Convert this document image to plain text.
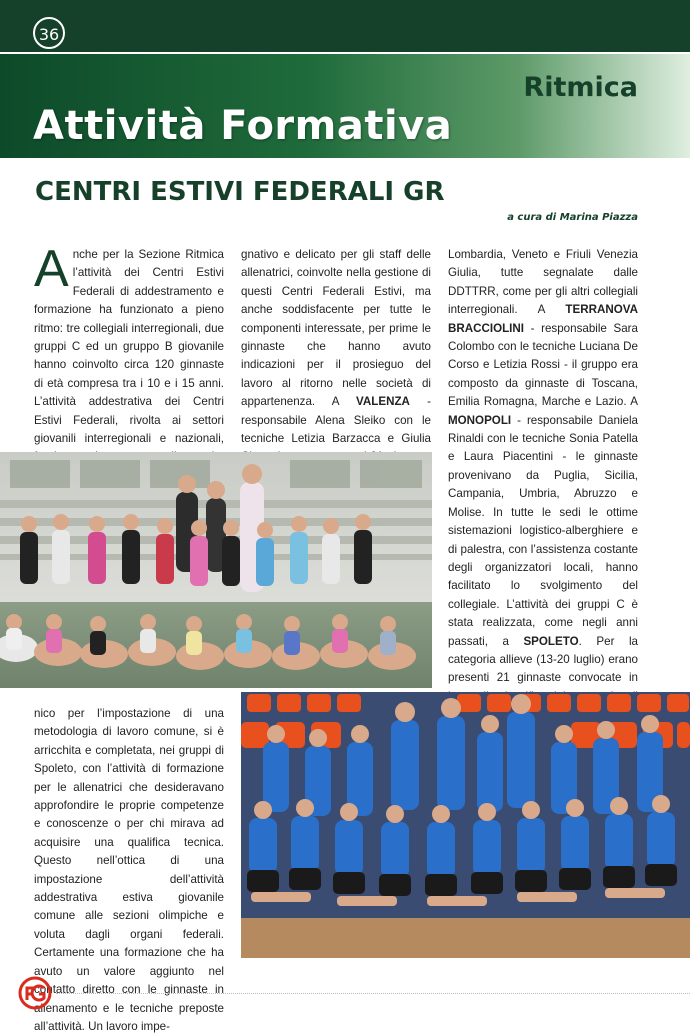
36
Ritmica
Attività Formativa
CENTRI ESTIVI FEDERALI GR
a cura di Marina Piazza

Anche per la Sezione Ritmica l’attività dei Centri Estivi Federali di addestramento e formazione ha funzionato a pieno ritmo: tre collegiali interregionali, due gruppi C ed un gruppo B giovanile hanno coinvolto circa 120 ginnaste di età compresa tra i 10 e i 15 anni. L’attività addestrativa dei Centri Estivi Federali, rivolta ai settori giovanili interregionali e nazionali,

gnativo e delicato per gli staff delle allenatrici, coinvolte nella gestione di questi Centri Federali Estivi, ma anche soddisfacente per tutte le componenti interessate, per prime le ginnaste che hanno avuto indicazioni per il prosieguo del lavoro al ritorno nelle società di appartenenza. A VALENZA - responsabile Alena Sleiko con le tecniche Letizia Barzacca e Giulia

Lombardia, Veneto e Friuli Venezia Giulia, tutte segnalate dalle DDTTRR, come per gli altri collegiali interregionali. A TERRANOVA BRACCIOLINI - responsabile Sara Colombo con le tecniche Luciana De Corso e Letizia Rossi - il gruppo era composto da ginnaste di Toscana, Emilia Romagna, Marche e Lazio. A MONOPOLI - responsabile Daniela Rinaldi con le tecniche Sonia Patella e Laura Piacentini - le ginnaste provenivano da Puglia, Sicilia, Campania, Umbria, Abruzzo e Molise. In tutte le sedi le ottime sistemazioni logistico-alberghiere e di palestra, con l’assistenza costante degli organizzatori locali, hanno facilitato lo svolgimento del collegiale. L’attività dei gruppi C è stata realizzata, come negli anni passati, a SPOLETO. Per la categoria allieve (13-20 luglio) erano presenti 21 ginnaste convocate in

nico per l’impostazione di una metodologia di lavoro comune, si è arricchita e completata, nei gruppi di Spoleto, con l’attività di formazione per le allenatrici che desideravano approfondire le proprie competenze e conoscenze o per chi mirava ad acquisire una qualifica tecnica. Questo nell’ottica di una impostazione dell’attività addestrativa estiva giovanile comune alle sezioni olimpiche e voluta dagli organi federali. Certamente una formazione che ha avuto un valore aggiunto nel contatto diretto con le ginnaste in allenamento e le tecniche preposte all’attività. Un lavoro impe-
